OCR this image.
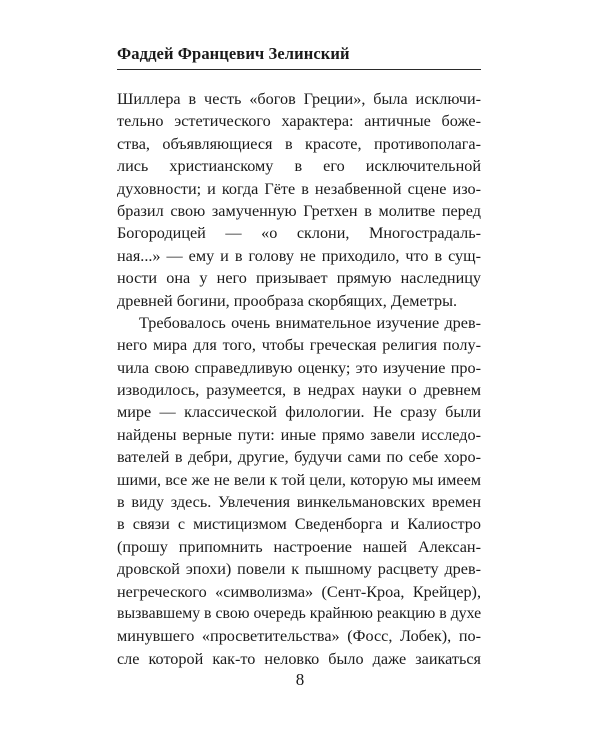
Фаддей Францевич Зелинский
Шиллера в честь «богов Греции», была исключи-
тельно эстетического характера: античные боже-
ства, объявляющиеся в красоте, противополага-
лись христианскому в его исключительной
духовности; и когда Гёте в незабвенной сцене изо-
бразил свою замученную Гретхен в молитве перед
Богородицей — «о склони, Многострадаль-
ная...» — ему и в голову не приходило, что в сущ-
ности она у него призывает прямую наследницу
древней богини, прообраза скорбящих, Деметры.
Требовалось очень внимательное изучение древ-
него мира для того, чтобы греческая религия полу-
чила свою справедливую оценку; это изучение про-
изводилось, разумеется, в недрах науки о древнем
мире — классической филологии. Не сразу были
найдены верные пути: иные прямо завели исследо-
вателей в дебри, другие, будучи сами по себе хоро-
шими, все же не вели к той цели, которую мы имеем
в виду здесь. Увлечения винкельмановских времен
в связи с мистицизмом Сведенборга и Калиостро
(прошу припомнить настроение нашей Алексан-
дровской эпохи) повели к пышному расцвету древ-
негреческого «символизма» (Сент-Кроа, Крейцер),
вызвавшему в свою очередь крайнюю реакцию в духе
минувшего «просветительства» (Фосс, Лобек), по-
сле которой как-то неловко было даже заикаться
8
